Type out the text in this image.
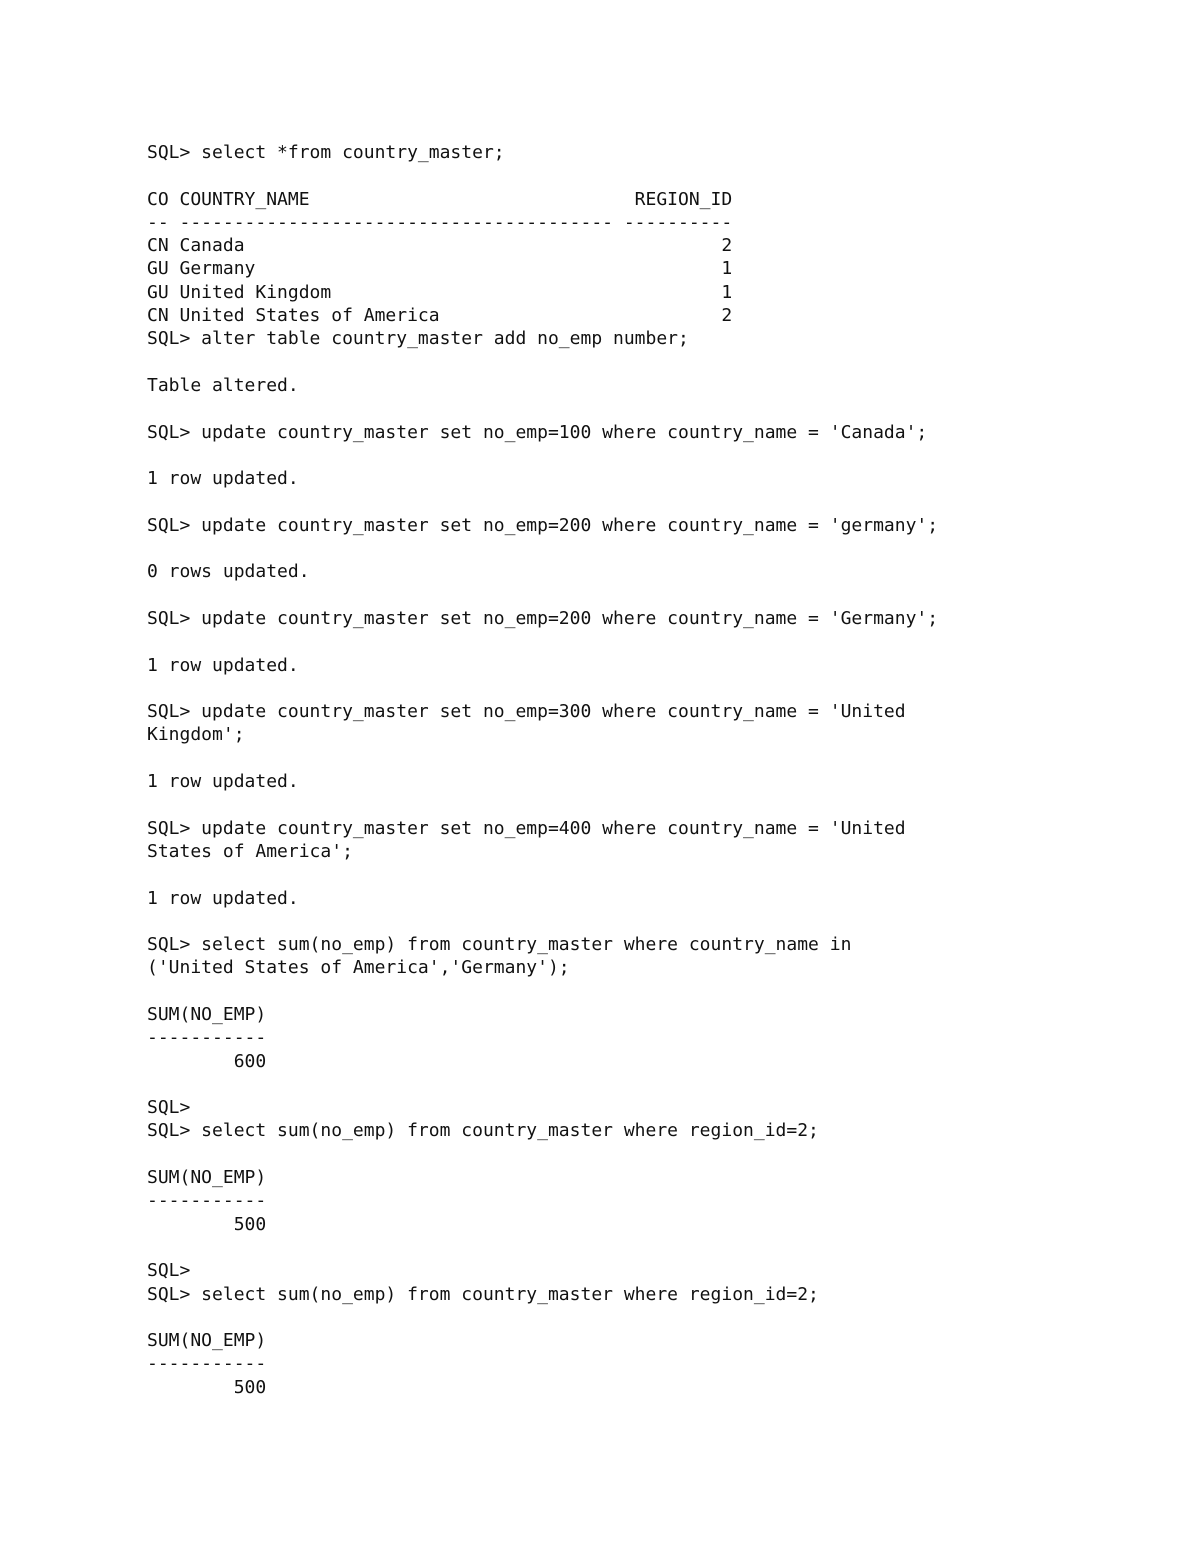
SQL> select *from country_master;
CO COUNTRY_NAME                              REGION_ID
-- ---------------------------------------- ----------
CN Canada                                            2
GU Germany                                           1
GU United Kingdom                                    1
CN United States of America                          2
SQL> alter table country_master add no_emp number;
Table altered.
SQL> update country_master set no_emp=100 where country_name = 'Canada';
1 row updated.
SQL> update country_master set no_emp=200 where country_name = 'germany';
0 rows updated.
SQL> update country_master set no_emp=200 where country_name = 'Germany';
1 row updated.
SQL> update country_master set no_emp=300 where country_name = 'United
Kingdom';
1 row updated.
SQL> update country_master set no_emp=400 where country_name = 'United
States of America';
1 row updated.
SQL> select sum(no_emp) from country_master where country_name in
('United States of America','Germany');
SUM(NO_EMP)
-----------
600
SQL>
SQL> select sum(no_emp) from country_master where region_id=2;
SUM(NO_EMP)
-----------
500
SQL>
SQL> select sum(no_emp) from country_master where region_id=2;
SUM(NO_EMP)
-----------
500
